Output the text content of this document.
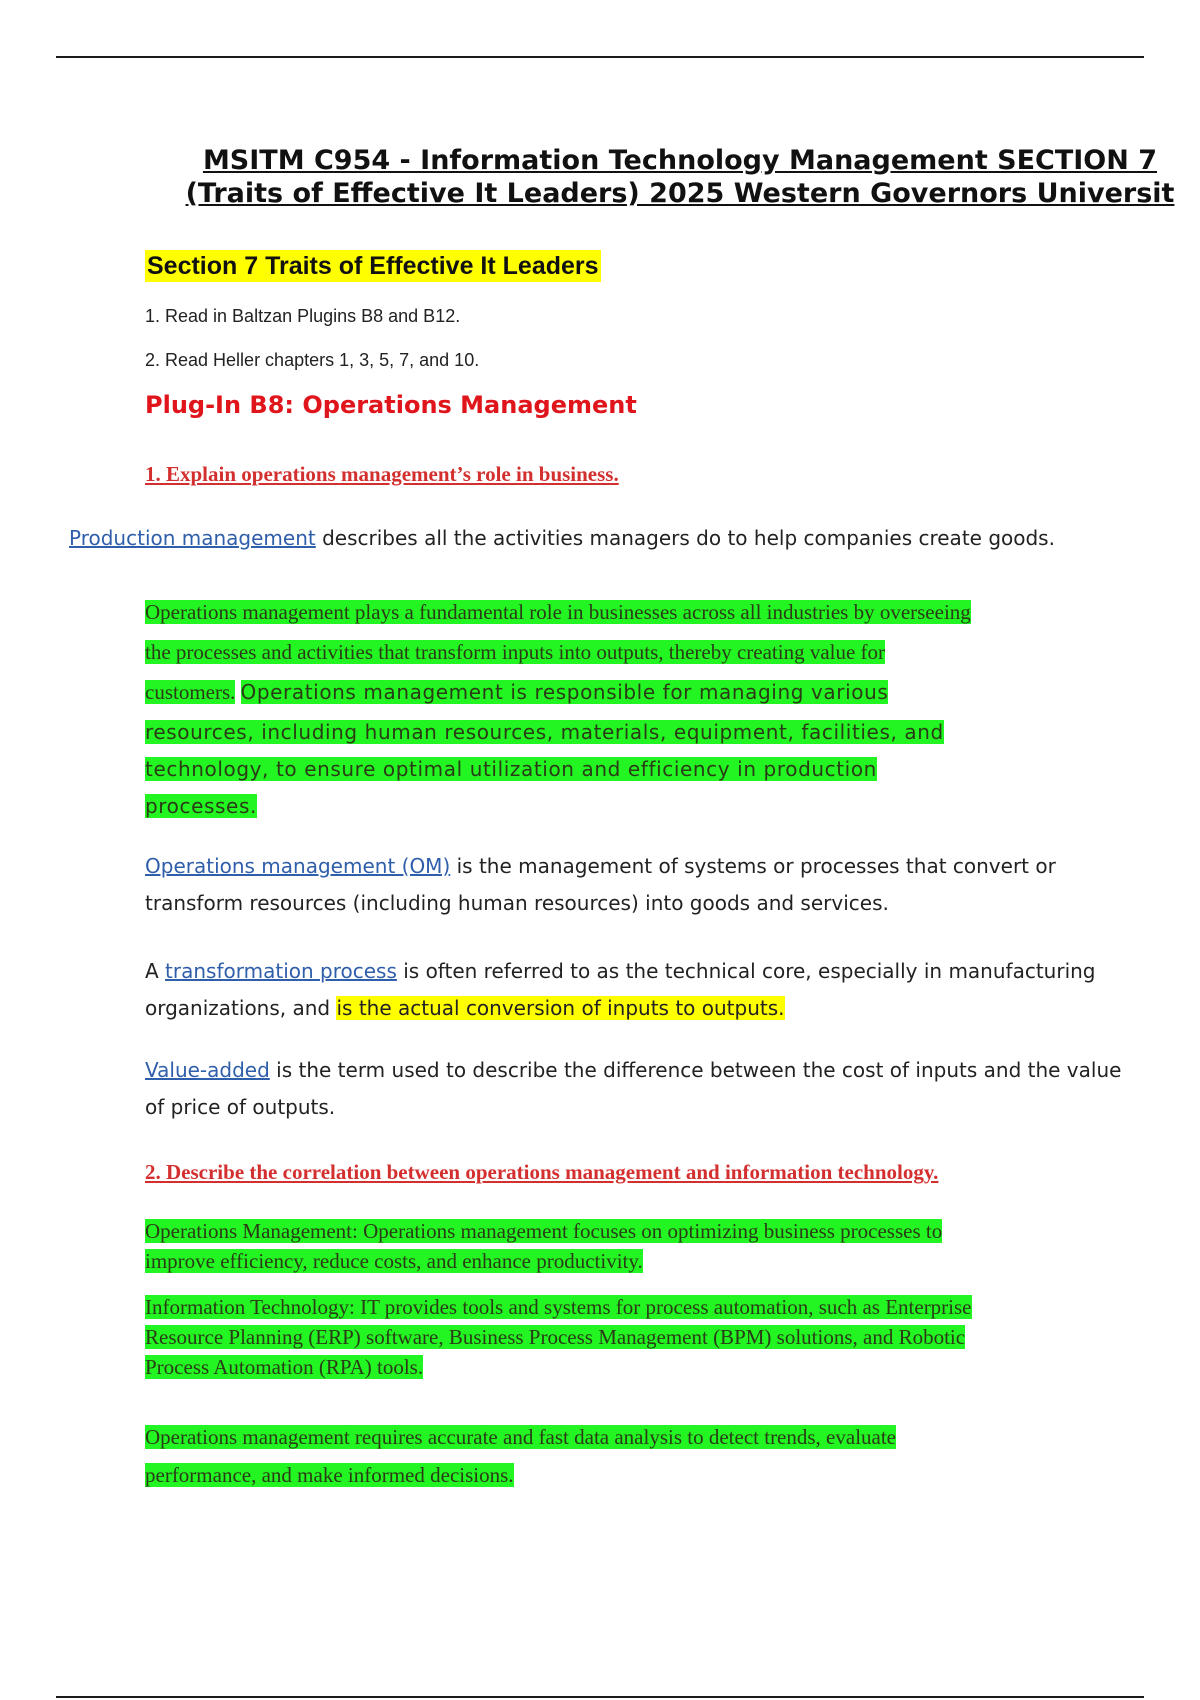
MSITM C954 - Information Technology Management SECTION 7
(Traits of Effective It Leaders) 2025 Western Governors Universit
Section 7 Traits of Effective It Leaders
1. Read in Baltzan Plugins B8 and B12.
2. Read Heller chapters 1, 3, 5, 7, and 10.
Plug-In B8: Operations Management
1. Explain operations management’s role in business.
Production management describes all the activities managers do to help companies create goods.
Operations management plays a fundamental role in businesses across all industries by overseeing
the processes and activities that transform inputs into outputs, thereby creating value for
customers. Operations management is responsible for managing various
resources, including human resources, materials, equipment, facilities, and
technology, to ensure optimal utilization and efficiency in production
processes.
Operations management (OM) is the management of systems or processes that convert or transform resources (including human resources) into goods and services.
A transformation process is often referred to as the technical core, especially in manufacturing organizations, and is the actual conversion of inputs to outputs.
Value-added is the term used to describe the difference between the cost of inputs and the value of price of outputs.
2. Describe the correlation between operations management and information technology.
Operations Management: Operations management focuses on optimizing business processes to
improve efficiency, reduce costs, and enhance productivity.
Information Technology: IT provides tools and systems for process automation, such as Enterprise
Resource Planning (ERP) software, Business Process Management (BPM) solutions, and Robotic
Process Automation (RPA) tools.
Operations management requires accurate and fast data analysis to detect trends, evaluate
performance, and make informed decisions.
